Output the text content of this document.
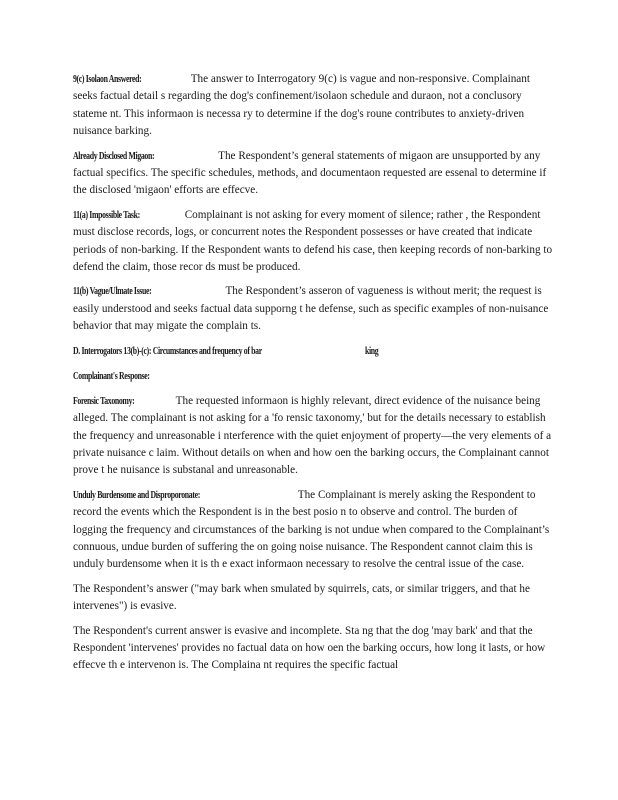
9(c) Isolaon Answered:	The answer to Interrogatory 9(c) is vague and non-responsive. Complainant seeks factual detail s regarding the dog's confinement/isolaon schedule and duraon, not a conclusory stateme nt. This informaon is necessa ry to determine if the dog's roune contributes to anxiety-driven nuisance barking.

Already Disclosed Migaon:	The Respondent’s general statements of migaon are unsupported by any factual specifics. The specific schedules, methods, and documentaon requested are essenal to determine if the disclosed 'migaon' efforts are effecve.

11(a) Impossible Task:	Complainant is not asking for every moment of silence; rather , the Respondent must disclose records, logs, or concurrent notes the Respondent possesses or have created that indicate periods of non-barking. If the Respondent wants to defend his case, then keeping records of non-barking to defend the claim, those recor ds must be produced.

11(b) Vague/Ulmate Issue:	The Respondent’s asseron of vagueness is without merit; the request is easily understood and seeks factual data supporng t he defense, such as specific examples of non-nuisance behavior that may migate the complain ts.

D. Interrogators 13(b)-(c): Circumstances and frequency of bar	king

Complainant's Response:

Forensic Taxonomy:	The requested informaon is highly relevant, direct evidence of the nuisance being alleged. The complainant is not asking for a 'fo rensic taxonomy,' but for the details necessary to establish the frequency and unreasonable i nterference with the quiet enjoyment of property—the very elements of a private nuisance c laim. Without details on when and how oen the barking occurs, the Complainant cannot prove t he nuisance is substanal and unreasonable.

Unduly Burdensome and Disproporonate:	The Complainant is merely asking the Respondent to record the events which the Respondent is in the best posio n to observe and control. The burden of logging the frequency and circumstances of the barking is not undue when compared to the Complainant’s connuous, undue burden of suffering the on going noise nuisance. The Respondent cannot claim this is unduly burdensome when it is th e exact informaon necessary to resolve the central issue of the case.

The Respondent’s answer ("may bark when smulated by squirrels, cats, or similar triggers, and that he intervenes") is evasive.

The Respondent's current answer is evasive and incomplete. Sta ng that the dog 'may bark' and that the Respondent 'intervenes' provides no factual data on how oen the barking occurs, how long it lasts, or how effecve th e intervenon is. The Complaina nt requires the specific factual
